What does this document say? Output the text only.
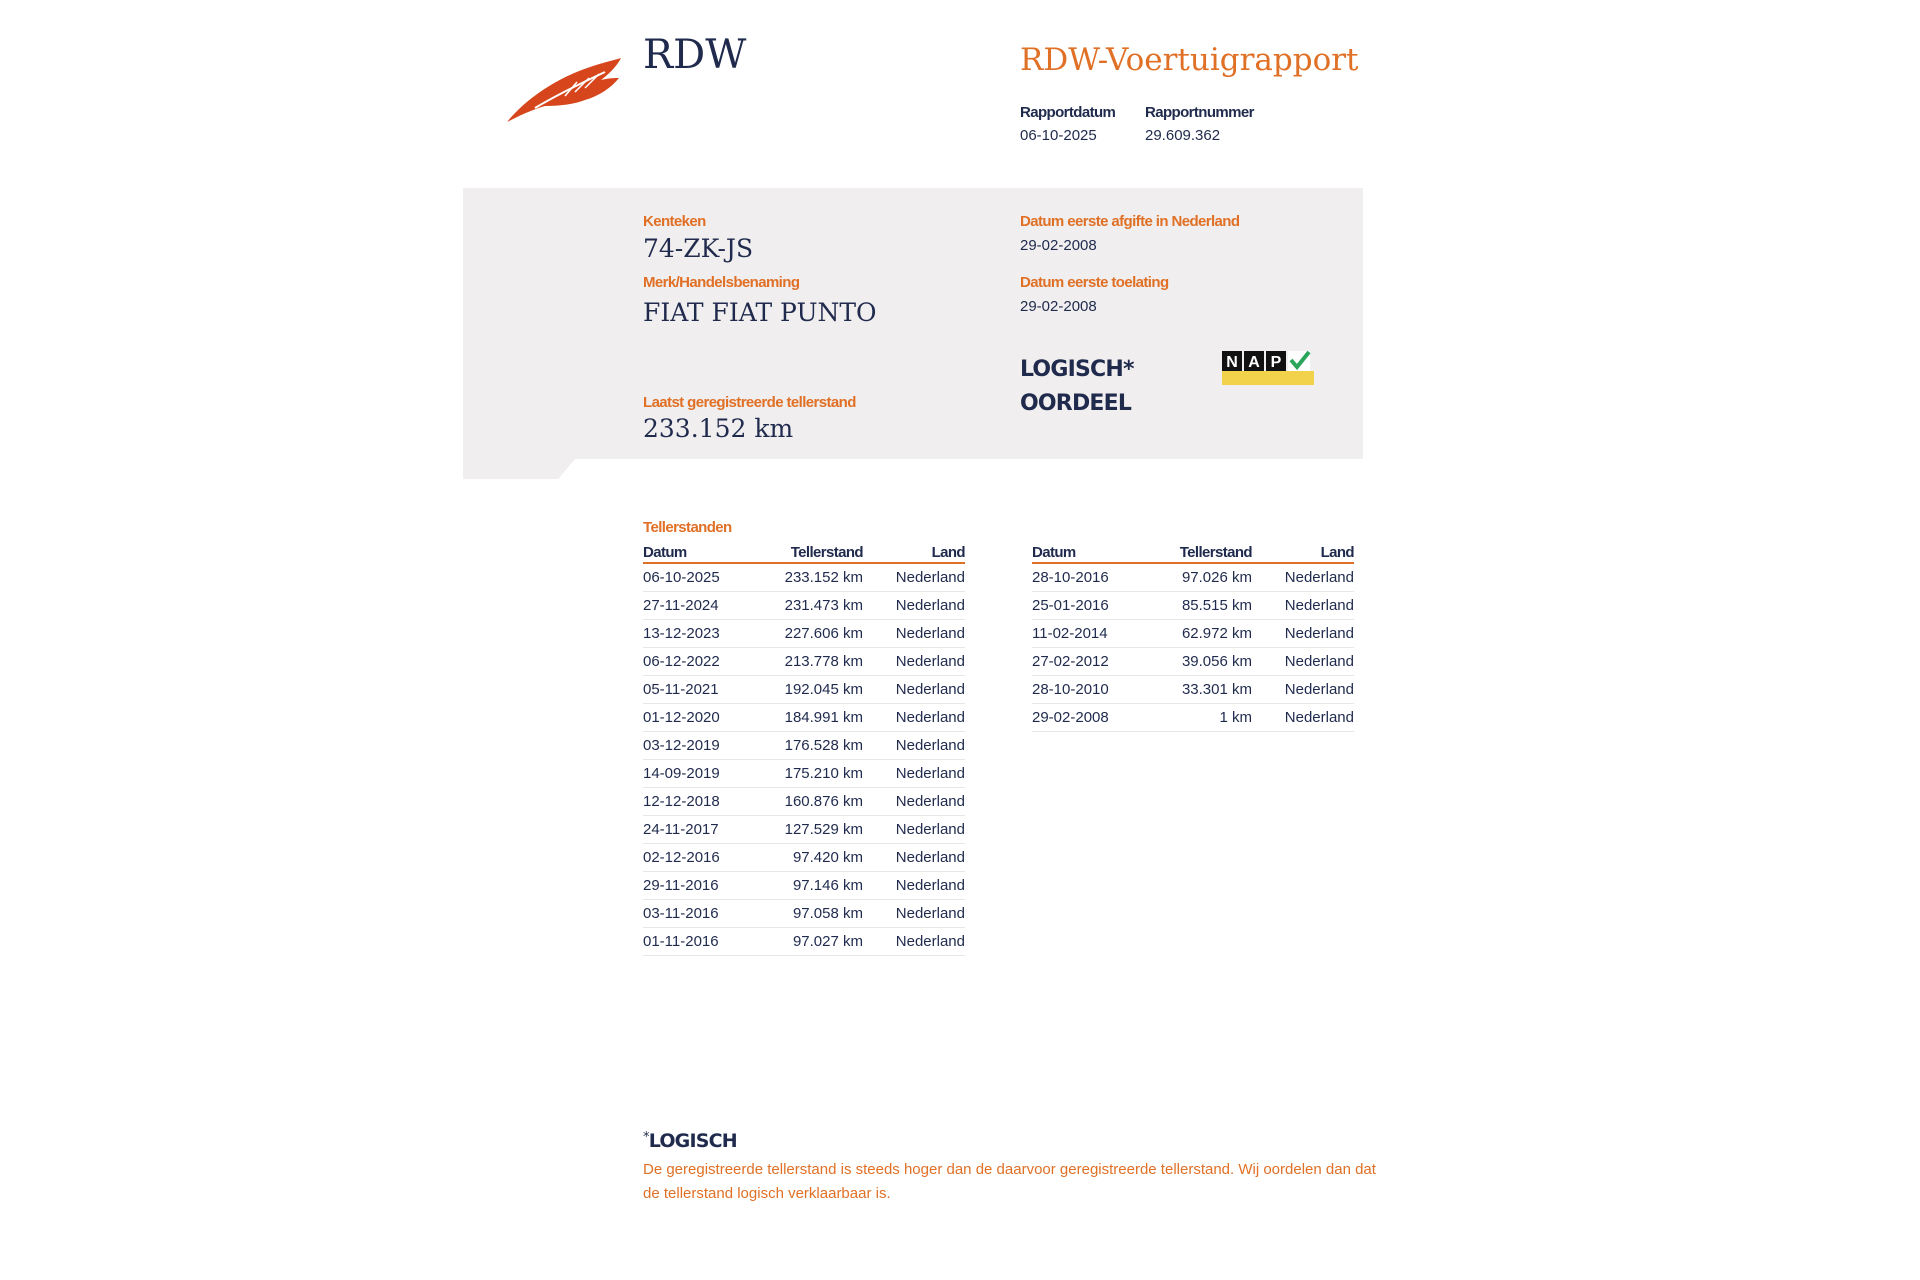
RDW	RDW-Voertuigrapport
Rapportdatum
06-10-2025
Rapportnummer
29.609.362
Kenteken
74-ZK-JS
Merk/Handelsbenaming
FIAT FIAT PUNTO
Laatst geregistreerde tellerstand
233.152 km
Datum eerste afgifte in Nederland
29-02-2008
Datum eerste toelating
29-02-2008
LOGISCH*
OORDEEL
N A P
Tellerstanden
Datum	Tellerstand	Land
06-10-2025	233.152 km	Nederland
27-11-2024	231.473 km	Nederland
13-12-2023	227.606 km	Nederland
06-12-2022	213.778 km	Nederland
05-11-2021	192.045 km	Nederland
01-12-2020	184.991 km	Nederland
03-12-2019	176.528 km	Nederland
14-09-2019	175.210 km	Nederland
12-12-2018	160.876 km	Nederland
24-11-2017	127.529 km	Nederland
02-12-2016	97.420 km	Nederland
29-11-2016	97.146 km	Nederland
03-11-2016	97.058 km	Nederland
01-11-2016	97.027 km	Nederland
Datum	Tellerstand	Land
28-10-2016	97.026 km	Nederland
25-01-2016	85.515 km	Nederland
11-02-2014	62.972 km	Nederland
27-02-2012	39.056 km	Nederland
28-10-2010	33.301 km	Nederland
29-02-2008	1 km	Nederland
*LOGISCH
De geregistreerde tellerstand is steeds hoger dan de daarvoor geregistreerde tellerstand. Wij oordelen dan dat de tellerstand logisch verklaarbaar is.
